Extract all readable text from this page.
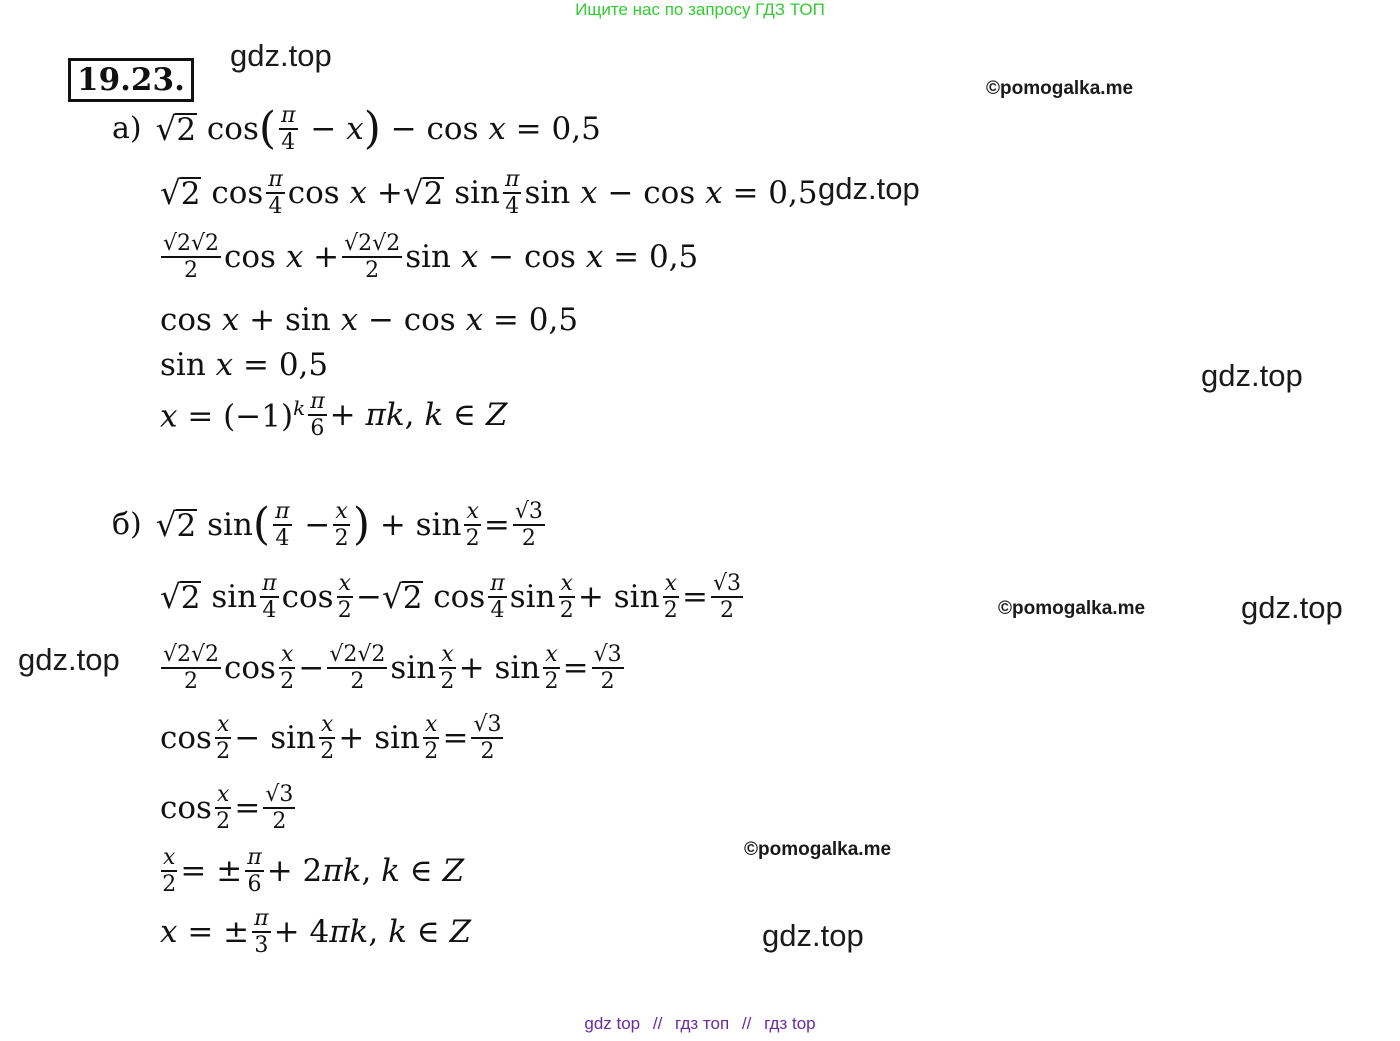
Ищите нас по запросу ГДЗ ТОП
gdz.top
©pomogalka.me
gdz.top
gdz.top
©pomogalka.me	gdz.top
gdz.top
©pomogalka.me
gdz.top
19.23.
а) √ 2 cos ( π
4 − x ) − cos x = 0,5
√ 2 cos π
4 cos x + √ 2 sin π
4 sin x − cos x = 0,5
√2√2
2 $\cos x + \frac{√2√2}{2}$ sin x − cos x = 0,5
cos x + sin x − cos x = 0,5
sin x = 0,5
$x = (-1)^k$ π
6 + πk, k ∈ Z
б) √ 2 sin ( π
$4 - \frac{x}{2}$ ) + $\sin \frac{x}{2} = \frac{√3}{2}$
√ 2 sin π
4 cos x
2 − √ 2 cos π
4 sin x
$2 + \sin \frac{x}{2} = \frac{√3}{2}$
√2√2
2 cos x
$2 - \frac{√2√2}{2}$ sin x
$2 + \sin \frac{x}{2} = \frac{√3}{2}$
cos x
2 − sin x
$2 + \sin \frac{x}{2} = \frac{√3}{2}$
$\cos \frac{x}{2} = \frac{√3}{2}$
$\frac{x}{2}$ = ± $\frac{\pi}{6} + 2\pi k$, k ∈ Z
x = ± $\frac{\pi}{3} + 4\pi k$, k ∈ Z
gdz top // гдз топ // гдз top
